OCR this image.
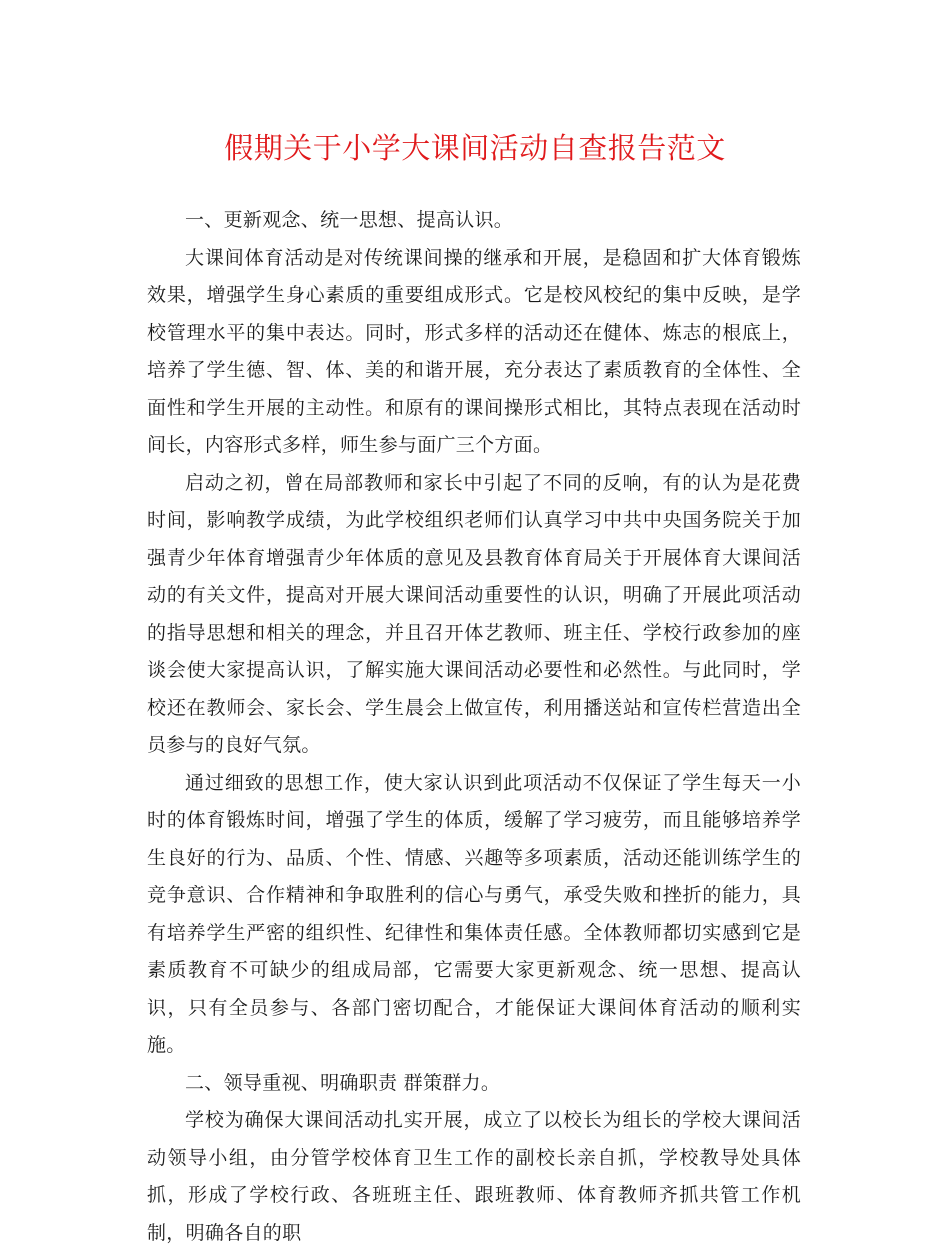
假期关于小学大课间活动自查报告范文

一、更新观念、统一思想、提高认识。

大课间体育活动是对传统课间操的继承和开展，是稳固和扩大体育锻炼效果，增强学生身心素质的重要组成形式。它是校风校纪的集中反映，是学校管理水平的集中表达。同时，形式多样的活动还在健体、炼志的根底上，培养了学生德、智、体、美的和谐开展，充分表达了素质教育的全体性、全面性和学生开展的主动性。和原有的课间操形式相比，其特点表现在活动时间长，内容形式多样，师生参与面广三个方面。

启动之初，曾在局部教师和家长中引起了不同的反响，有的认为是花费时间，影响教学成绩，为此学校组织老师们认真学习中共中央国务院关于加强青少年体育增强青少年体质的意见及县教育体育局关于开展体育大课间活动的有关文件，提高对开展大课间活动重要性的认识，明确了开展此项活动的指导思想和相关的理念，并且召开体艺教师、班主任、学校行政参加的座谈会使大家提高认识，了解实施大课间活动必要性和必然性。与此同时，学校还在教师会、家长会、学生晨会上做宣传，利用播送站和宣传栏营造出全员参与的良好气氛。

通过细致的思想工作，使大家认识到此项活动不仅保证了学生每天一小时的体育锻炼时间，增强了学生的体质，缓解了学习疲劳，而且能够培养学生良好的行为、品质、个性、情感、兴趣等多项素质，活动还能训练学生的竞争意识、合作精神和争取胜利的信心与勇气，承受失败和挫折的能力，具有培养学生严密的组织性、纪律性和集体责任感。全体教师都切实感到它是素质教育不可缺少的组成局部，它需要大家更新观念、统一思想、提高认识，只有全员参与、各部门密切配合，才能保证大课间体育活动的顺利实施。

二、领导重视、明确职责 群策群力。

学校为确保大课间活动扎实开展，成立了以校长为组长的学校大课间活动领导小组，由分管学校体育卫生工作的副校长亲自抓，学校教导处具体抓，形成了学校行政、各班班主任、跟班教师、体育教师齐抓共管工作机制，明确各自的职
